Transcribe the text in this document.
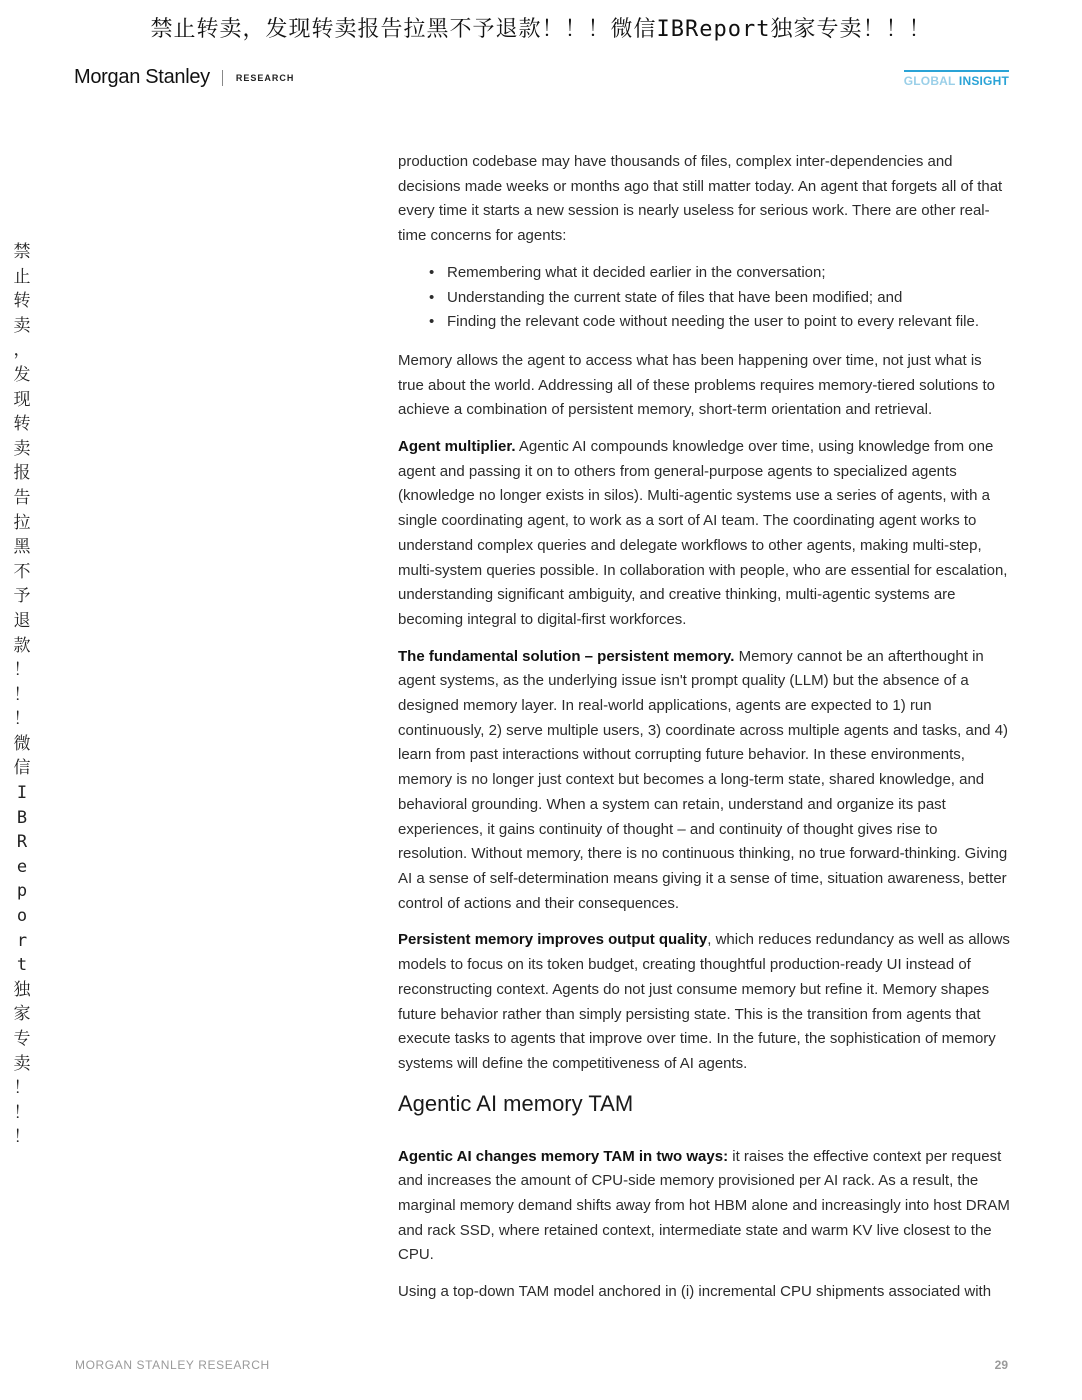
禁止转卖，发现转卖报告拉黑不予退款！！！微信IBReport独家专卖！！！
禁
止
转
卖
，
发
现
转
卖
报
告
拉
黑
不
予
退
款
！
！
！
微
信
I
B
R
e
p
o
r
t
独
家
专
卖
！
！
！
Morgan Stanley	RESEARCH	GLOBAL INSIGHT

production codebase may have thousands of files, complex inter-dependencies and decisions made weeks or months ago that still matter today. An agent that forgets all of that every time it starts a new session is nearly useless for serious work. There are other real-time concerns for agents:

• Remembering what it decided earlier in the conversation;
• Understanding the current state of files that have been modified; and
• Finding the relevant code without needing the user to point to every relevant file.

Memory allows the agent to access what has been happening over time, not just what is true about the world. Addressing all of these problems requires memory-tiered solutions to achieve a combination of persistent memory, short-term orientation and retrieval.

Agent multiplier. Agentic AI compounds knowledge over time, using knowledge from one agent and passing it on to others from general-purpose agents to specialized agents (knowledge no longer exists in silos). Multi-agentic systems use a series of agents, with a single coordinating agent, to work as a sort of AI team. The coordinating agent works to understand complex queries and delegate workflows to other agents, making multi-step, multi-system queries possible. In collaboration with people, who are essential for escalation, understanding significant ambiguity, and creative thinking, multi-agentic systems are becoming integral to digital-first workforces.

The fundamental solution – persistent memory. Memory cannot be an afterthought in agent systems, as the underlying issue isn't prompt quality (LLM) but the absence of a designed memory layer. In real-world applications, agents are expected to 1) run continuously, 2) serve multiple users, 3) coordinate across multiple agents and tasks, and 4) learn from past interactions without corrupting future behavior. In these environments, memory is no longer just context but becomes a long-term state, shared knowledge, and behavioral grounding. When a system can retain, understand and organize its past experiences, it gains continuity of thought – and continuity of thought gives rise to resolution. Without memory, there is no continuous thinking, no true forward-thinking. Giving AI a sense of self-determination means giving it a sense of time, situation awareness, better control of actions and their consequences.

Persistent memory improves output quality, which reduces redundancy as well as allows models to focus on its token budget, creating thoughtful production-ready UI instead of reconstructing context. Agents do not just consume memory but refine it. Memory shapes future behavior rather than simply persisting state. This is the transition from agents that execute tasks to agents that improve over time. In the future, the sophistication of memory systems will define the competitiveness of AI agents.

Agentic AI memory TAM

Agentic AI changes memory TAM in two ways: it raises the effective context per request and increases the amount of CPU-side memory provisioned per AI rack. As a result, the marginal memory demand shifts away from hot HBM alone and increasingly into host DRAM and rack SSD, where retained context, intermediate state and warm KV live closest to the CPU.

Using a top-down TAM model anchored in (i) incremental CPU shipments associated with

MORGAN STANLEY RESEARCH	29
